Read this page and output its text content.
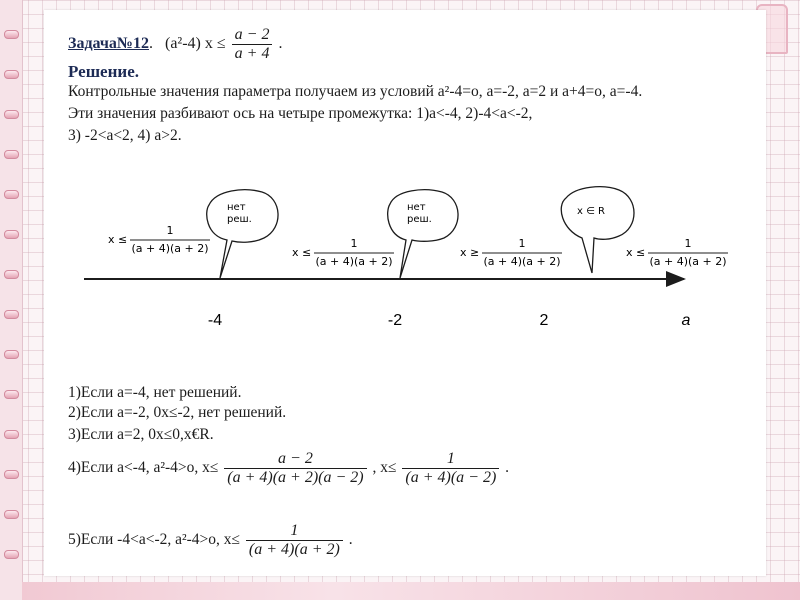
Задача№12. (a²-4) $x \le \frac{a - 2}{a + 4}$ .
Решение.
Контрольные значения параметра получаем из условий a²-4=o, a=-2, a=2 и a+4=o, a=-4.
Эти значения разбивают ось на четыре промежутка: 1)a<-4, 2)-4<a<-2,
3) -2<a<2, 4) a>2.
нет
реш.
нет
реш.
x ∈ R
x ≤
1
(a + 4)(a + 2)	x ≤
1
(a + 4)(a + 2)
x ≥
1
(a + 4)(a + 2)
x ≤
1
(a + 4)(a + 2)
-4	-2	2	a
1)Если a=-4, нет решений.
2)Если a=-2, 0x≤-2, нет решений.
3)Если a=2, 0x≤0,x€R.
4)Если a<-4, a²-4>o, $x\le \frac{a - 2}{(a + 4)(a + 2)(a - 2)}$ , $x\le \frac{1}{(a + 4)(a - 2)}$ .
5)Если -4<a<-2, a²-4>o, $x\le \frac{1}{(a + 4)(a + 2)}$ .
